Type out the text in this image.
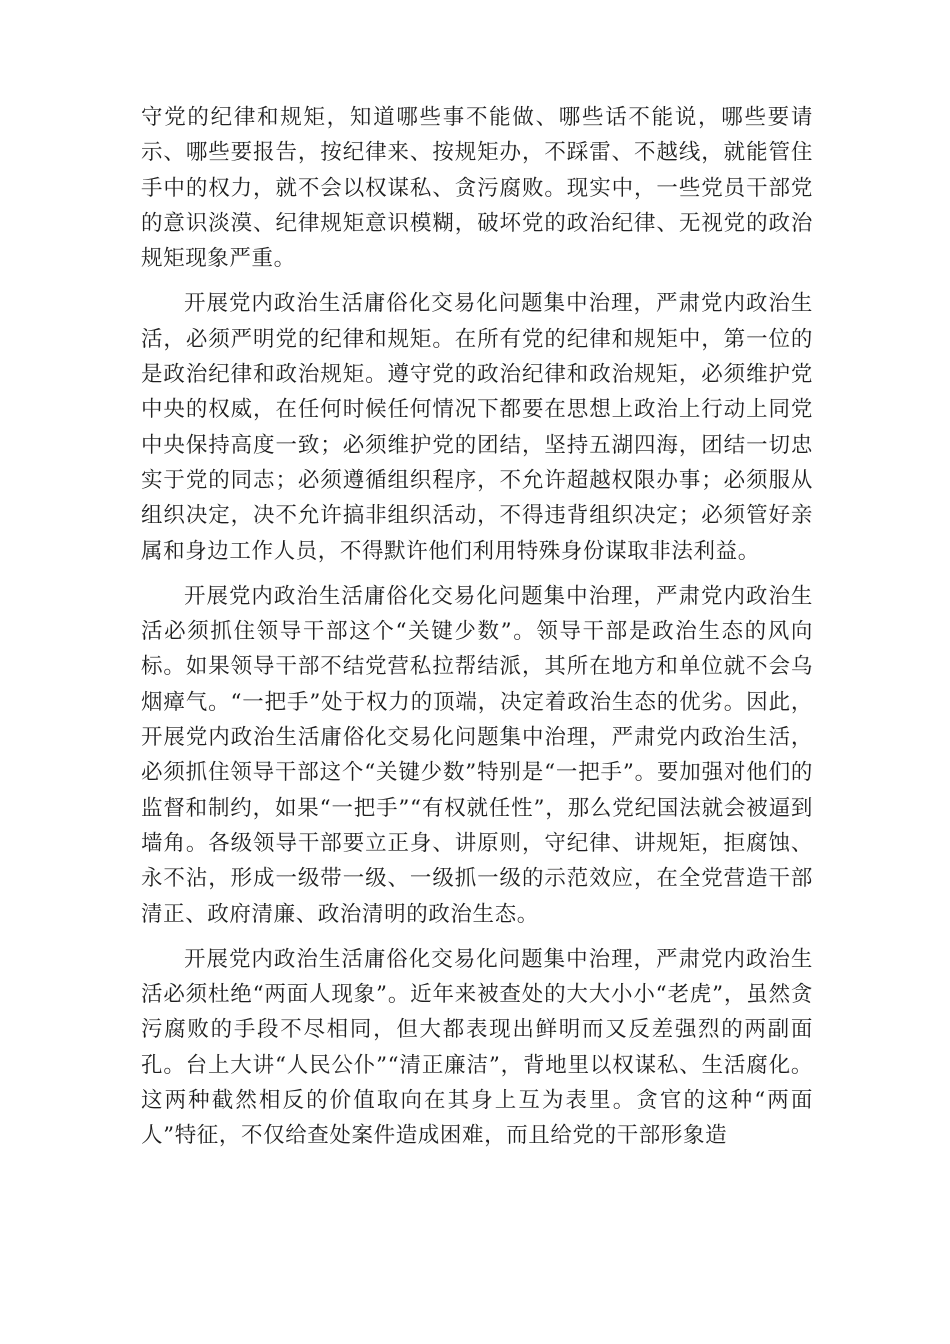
守党的纪律和规矩，知道哪些事不能做、哪些话不能说，哪些要请示、哪些要报告，按纪律来、按规矩办，不踩雷、不越线，就能管住手中的权力，就不会以权谋私、贪污腐败。现实中，一些党员干部党的意识淡漠、纪律规矩意识模糊，破坏党的政治纪律、无视党的政治规矩现象严重。

开展党内政治生活庸俗化交易化问题集中治理，严肃党内政治生活，必须严明党的纪律和规矩。在所有党的纪律和规矩中，第一位的是政治纪律和政治规矩。遵守党的政治纪律和政治规矩，必须维护党中央的权威，在任何时候任何情况下都要在思想上政治上行动上同党中央保持高度一致；必须维护党的团结，坚持五湖四海，团结一切忠实于党的同志；必须遵循组织程序，不允许超越权限办事；必须服从组织决定，决不允许搞非组织活动，不得违背组织决定；必须管好亲属和身边工作人员，不得默许他们利用特殊身份谋取非法利益。

开展党内政治生活庸俗化交易化问题集中治理，严肃党内政治生活必须抓住领导干部这个“关键少数”。领导干部是政治生态的风向标。如果领导干部不结党营私拉帮结派，其所在地方和单位就不会乌烟瘴气。“一把手”处于权力的顶端，决定着政治生态的优劣。因此，开展党内政治生活庸俗化交易化问题集中治理，严肃党内政治生活，必须抓住领导干部这个“关键少数”特别是“一把手”。要加强对他们的监督和制约，如果“一把手”“有权就任性”，那么党纪国法就会被逼到墙角。各级领导干部要立正身、讲原则，守纪律、讲规矩，拒腐蚀、永不沾，形成一级带一级、一级抓一级的示范效应，在全党营造干部清正、政府清廉、政治清明的政治生态。

开展党内政治生活庸俗化交易化问题集中治理，严肃党内政治生活必须杜绝“两面人现象”。近年来被查处的大大小小“老虎”，虽然贪污腐败的手段不尽相同，但大都表现出鲜明而又反差强烈的两副面孔。台上大讲“人民公仆”“清正廉洁”，背地里以权谋私、生活腐化。这两种截然相反的价值取向在其身上互为表里。贪官的这种“两面人”特征，不仅给查处案件造成困难，而且给党的干部形象造
